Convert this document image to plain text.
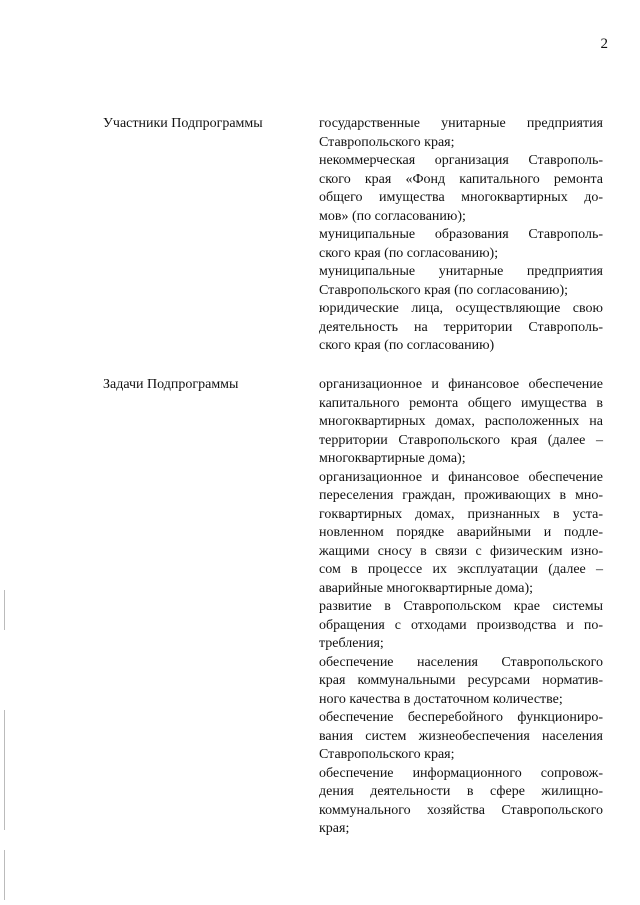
2
Участники Подпрограммы	государственные унитарные предприятия
Ставропольского края;
некоммерческая организация Ставрополь-
ского края «Фонд капитального ремонта
общего имущества многоквартирных до-
мов» (по согласованию);
муниципальные образования Ставрополь-
ского края (по согласованию);
муниципальные унитарные предприятия
Ставропольского края (по согласованию);
юридические лица, осуществляющие свою
деятельность на территории Ставрополь-
ского края (по согласованию)
Задачи Подпрограммы	организационное и финансовое обеспечение
капитального ремонта общего имущества в
многоквартирных домах, расположенных на
территории Ставропольского края (далее –
многоквартирные дома);
организационное и финансовое обеспечение
переселения граждан, проживающих в мно-
гоквартирных домах, признанных в уста-
новленном порядке аварийными и подле-
жащими сносу в связи с физическим изно-
сом в процессе их эксплуатации (далее –
аварийные многоквартирные дома);
развитие в Ставропольском крае системы
обращения с отходами производства и по-
требления;
обеспечение населения Ставропольского
края коммунальными ресурсами норматив-
ного качества в достаточном количестве;
обеспечение бесперебойного функциониро-
вания систем жизнеобеспечения населения
Ставропольского края;
обеспечение информационного сопровож-
дения деятельности в сфере жилищно-
коммунального хозяйства Ставропольского
края;
